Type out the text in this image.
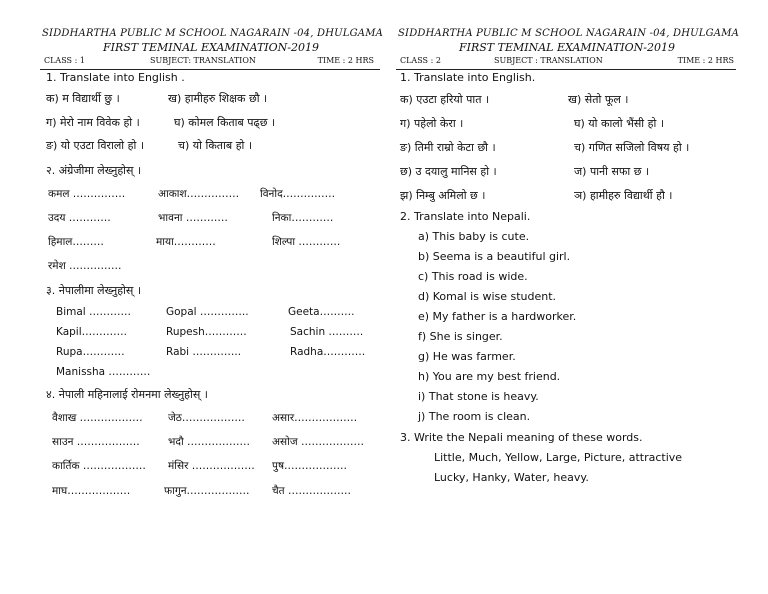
SIDDHARTHA PUBLIC M SCHOOL NAGARAIN -04, DHULGAMA
FIRST TEMINAL EXAMINATION-2019
CLASS : 1	SUBJECT: TRANSLATION	TIME : 2 HRS
1. Translate into English .
क) म विद्यार्थी छु ।	ख) हामीहरु शिक्षक छौ ।
ग) मेरो नाम विवेक हो ।	घ) कोमल किताब पढ्छ ।
ङ) यो एउटा विरालो हो ।	च) यो किताब हो ।
२. अंग्रेजीमा लेख्नुहोस् ।
कमल ……………	आकाश…………… विनोद……………
उदय …………	भावना …………	निका…………
हिमाल………	माया…………	शिल्पा …………
रमेश ……………
३. नेपालीमा लेख्नुहोस् ।
Bimal …………	Gopal …………..	Geeta……….
Kapil………….	Rupesh…………	Sachin ……….
Rupa…………	Rabi …………..	Radha…………
Manissha …………
४. नेपाली महिनालाई रोमनमा लेख्नुहोस् ।
वैशाख ……………… जेठ………………	असार………………
साउन ………………	भदौ ……………… असोज ………………
कार्तिक ……………… मंसिर ……………… पुष………………
माघ………………	फागुन……………… चैत ………………
SIDDHARTHA PUBLIC M SCHOOL NAGARAIN -04, DHULGAMA
FIRST TEMINAL EXAMINATION-2019
CLASS : 2	SUBJECT : TRANSLATION	TIME : 2 HRS
1. Translate into English.
क) एउटा हरियो पात ।	ख) सेतो फूल ।
ग) पहेलो केरा ।	घ) यो कालो भैंसी हो ।
ङ) तिमी राम्रो केटा छौ ।	च) गणित सजिलो विषय हो ।
छ) उ दयालु मानिस हो ।	ज) पानी सफा छ ।
झ) निम्बु अमिलो छ ।	ञ) हामीहरु विद्यार्थी हौ ।
2. Translate into Nepali.
a) This baby is cute.
b) Seema is a beautiful girl.
c) This road is wide.
d) Komal is wise student.
e) My father is a hardworker.
f) She is singer.
g) He was farmer.
h) You are my best friend.
i) That stone is heavy.
j) The room is clean.
3. Write the Nepali meaning of these words.
Little, Much, Yellow, Large, Picture, attractive
Lucky, Hanky, Water, heavy.
